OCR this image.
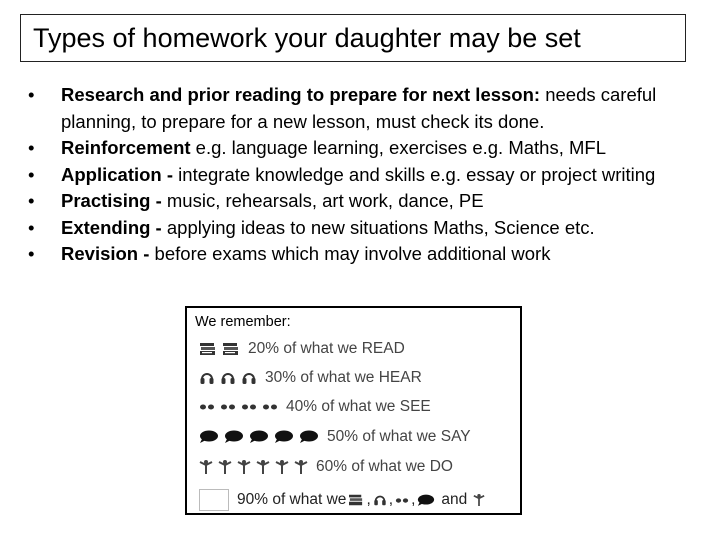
Types of homework your daughter may be set
• Research and prior reading to prepare for next lesson: needs careful planning, to prepare for a new lesson, must check its done.
• Reinforcement e.g. language learning, exercises e.g. Maths, MFL
• Application - integrate knowledge and skills e.g. essay or project writing
• Practising - music, rehearsals, art work, dance, PE
• Extending - applying ideas to new situations Maths, Science etc.
• Revision - before exams which may involve additional work
We remember:
20% of what we READ
30% of what we HEAR
40% of what we SEE
50% of what we SAY
60% of what we DO
90% of what we , , , and
